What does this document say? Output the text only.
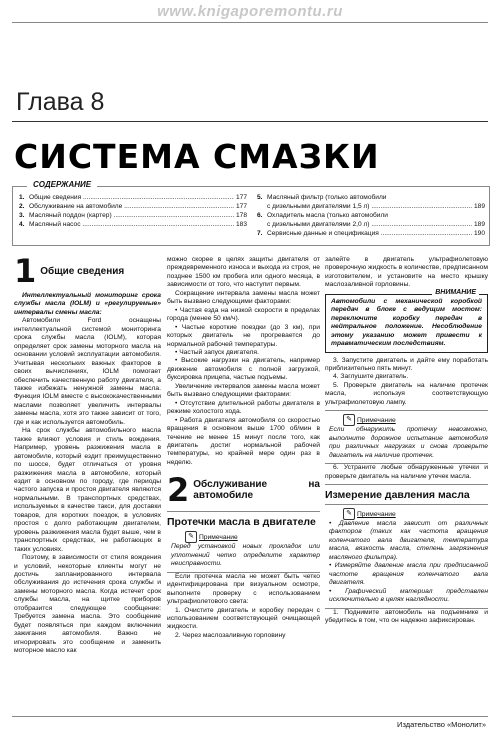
www.knigaporemontu.ru
Глава 8
СИСТЕМА СМАЗКИ
СОДЕРЖАНИЕ
1. Общие сведения .....	177
2. Обслуживание на автомобиле .....	177
3. Масляный поддон (картер) .....	178
4. Масляный насос .....	183
5. Масляный фильтр (только автомобили
с дизельными двигателями 1,5 л) .....	189
6. Охладитель масла (только автомобили
с дизельными двигателями 2,0 л) .....	189
7. Сервисные данные и спецификация .....	190
1 Общие сведения

Интеллектуальный мониторинг срока службы масла (IOLM) и «регулируемые» интервалы смены масла:

Автомобили Ford оснащены интеллектуальной системой мониторинга срока службы масла (IOLM), которая определяет срок замены моторного масла на основании условий эксплуатации автомобиля. Учитывая нескольких важных факторов в своих вычислениях, IOLM помогает обеспечить качественную работу двигателя, а также избежать ненужной замены масла. Функция IOLM вместе с высококачественными маслами позволяет увеличить интервалы замены масла, хотя это также зависит от того, где и как используется автомобиль.

На срок службы автомобильного масла также влияют условия и стиль вождения. Например, уровень разжижения масла в автомобиле, который ездит преимущественно по шоссе, будет отличаться от уровня разжижения масла в автомобиле, который ездит в основном по городу, где периоды частого запуска и простоя двигателя являются нормальными. В транспортных средствах, используемых в качестве такси, для доставки товаров, для коротких поездок, в условиях простоя с долго работающим двигателем, уровень разжижения масла будет выше, чем в транспортных средствах, не работающих в таких условиях.

Поэтому, в зависимости от стиля вождения и условий, некоторые клиенты могут не достичь запланированного интервала обслуживания до истечения срока службы и замены моторного масла. Когда истечет срок службы масла, на щитке приборов отобразится следующее сообщение: Требуется замена масла. Это сообщение будет появляться при каждом включении зажигания автомобиля. Важно не игнорировать это сообщение и заменить моторное масло как

можно скорее в целях защиты двигателя от преждевременного износа и выхода из строя, не позднее 1500 км пробега или одного месяца, в зависимости от того, что наступит первым.

Сокращение интервала замены масла может быть вызвано следующими факторами:

• Частая езда на низкой скорости в пределах города (менее 50 км/ч).

• Частые короткие поездки (до 3 км), при которых двигатель не прогревается до нормальной рабочей температуры.

• Частый запуск двигателя.

• Высокие нагрузки на двигатель, например движение автомобиля с полной загрузкой, буксировка прицепа, частые подъемы.

Увеличение интервалов замены масла может быть вызвано следующими факторами:

• Отсутствие длительной работы двигателя в режиме холостого хода.

• Работа двигателя автомобиля со скоростью вращения в основном выше 1700 об/мин в течение не менее 15 минут после того, как двигатель достиг нормальной рабочей температуры, но крайней мере один раз в неделю.

2 Обслуживание на автомобиле
Протечки масла в двигателе
✎ Примечание
Перед установкой новых прокладок или уплотнений четко определите характер неисправности.

Если протечка масла не может быть четко идентифицирована при визуальном осмотре, выполните проверку с использованием ультрафиолетового света:

1. Очистите двигатель и коробку передач с использованием соответствующей очищающей жидкости.

2. Через маслозаливную горловину

залейте в двигатель ультрафиолетовую проверочную жидкость в количестве, предписанном изготовителем, и установите на место крышку маслозаливной горловины.

ВНИМАНИЕ
Автомобили с механической коробкой передач в блоке с ведущим мостом: переключите коробку передач в нейтральное положение. Несоблюдение этому указанию может привести к травматическим последствиям.

3. Запустите двигатель и дайте ему поработать приблизительно пять минут.

4. Заглушите двигатель.

5. Проверьте двигатель на наличие протечек масла, используя соответствующую ультрафиолетовую лампу.

✎ Примечание
Если обнаружить протечку невозможно, выполните дорожное испытание автомобиля при различных нагрузках и снова проверьте двигатель на наличие протечек.

6. Устраните любые обнаруженные утечки и проверьте двигатель на наличие утечек масла.

Измерение давления масла
✎ Примечание
• Давление масла зависит от различных факторов (таких как частота вращения коленчатого вала двигателя, температура масла, вязкость масла, степень загрязнения масляного фильтра).
• Измеряйте давление масла при предписанной частоте вращения коленчатого вала двигателя.
• Графический материал представлен исключительно в целях наглядности.

1. Поднимите автомобиль на подъемнике и убедитесь в том, что он надежно зафиксирован.

Издательство «Монолит»
